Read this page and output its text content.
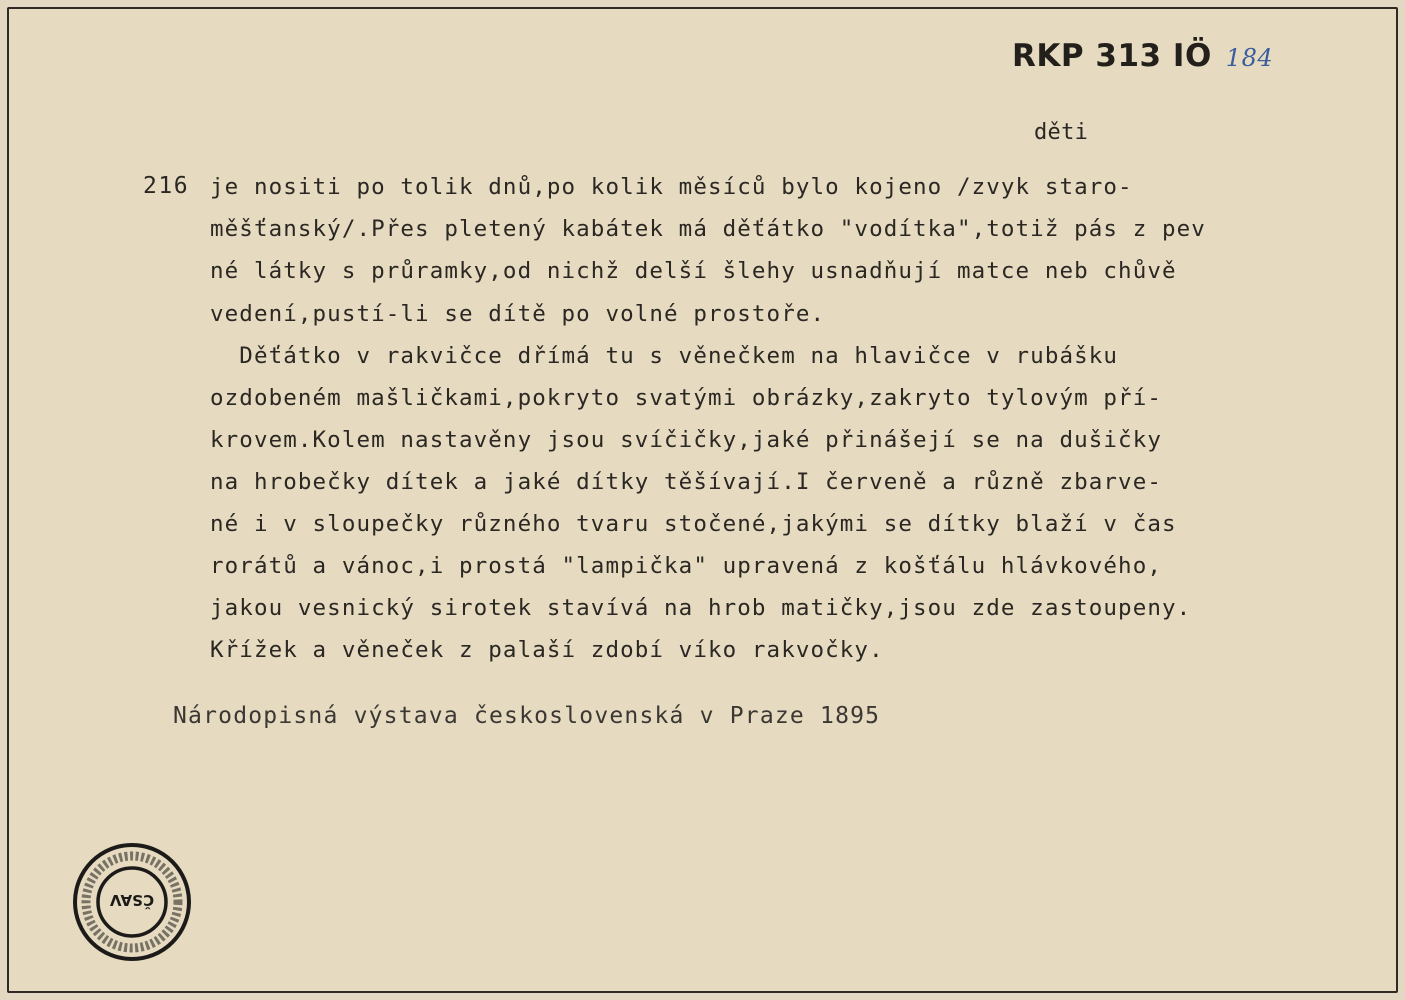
RKP 313 IÖ 184
děti
216 je nositi po tolik dnů,po kolik měsíců bylo kojeno /zvyk staro-
měšťanský/.Přes pletený kabátek má děťátko "vodítka",totiž pás z pev
né látky s průramky,od nichž delší šlehy usnadňují matce neb chůvě
vedení,pustí-li se dítě po volné prostoře.
Děťátko v rakvičce dřímá tu s věnečkem na hlavičce v rubášku
ozdobeném mašličkami,pokryto svatými obrázky,zakryto tylovým pří-
krovem.Kolem nastavěny jsou svíčičky,jaké přinášejí se na dušičky
na hrobečky dítek a jaké dítky těšívají.I červeně a různě zbarve-
né i v sloupečky různého tvaru stočené,jakými se dítky blaží v čas
rorátů a vánoc,i prostá "lampička" upravená z košťálu hlávkového,
jakou vesnický sirotek stavívá na hrob matičky,jsou zde zastoupeny.
Křížek a věneček z palaší zdobí víko rakvočky.
Národopisná výstava československá v Praze 1895
ČSAV
